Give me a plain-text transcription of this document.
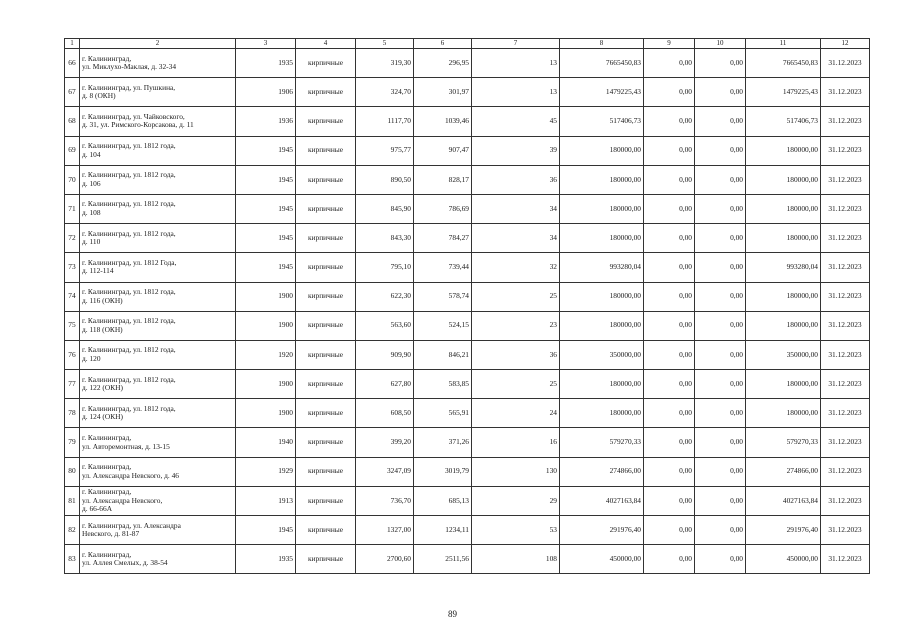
1	2	3	4	5	6	7	8	9	10	11	12
66	г. Калининград,
ул. Миклухо-Маклая, д. 32-34	1935	кирпичные	319,30	296,95	13	7665450,83	0,00	0,00	7665450,83	31.12.2023
67	г. Калининград, ул. Пушкина,
д. 8 (ОКН)	1906	кирпичные	324,70	301,97	13	1479225,43	0,00	0,00	1479225,43	31.12.2023
68	г. Калининград, ул. Чайковского,
д. 31, ул. Римского-Корсакова, д. 11	1936	кирпичные	1117,70	1039,46	45	517406,73	0,00	0,00	517406,73	31.12.2023
69	г. Калининград, ул. 1812 года,
д. 104	1945	кирпичные	975,77	907,47	39	180000,00	0,00	0,00	180000,00	31.12.2023
70	г. Калининград, ул. 1812 года,
д. 106	1945	кирпичные	890,50	828,17	36	180000,00	0,00	0,00	180000,00	31.12.2023
71	г. Калининград, ул. 1812 года,
д. 108	1945	кирпичные	845,90	786,69	34	180000,00	0,00	0,00	180000,00	31.12.2023
72	г. Калининград, ул. 1812 года,
д. 110	1945	кирпичные	843,30	784,27	34	180000,00	0,00	0,00	180000,00	31.12.2023
73	г. Калининград, ул. 1812 Года,
д. 112-114	1945	кирпичные	795,10	739,44	32	993280,04	0,00	0,00	993280,04	31.12.2023
74	г. Калининград, ул. 1812 года,
д. 116 (ОКН)	1900	кирпичные	622,30	578,74	25	180000,00	0,00	0,00	180000,00	31.12.2023
75	г. Калининград, ул. 1812 года,
д. 118 (ОКН)	1900	кирпичные	563,60	524,15	23	180000,00	0,00	0,00	180000,00	31.12.2023
76	г. Калининград, ул. 1812 года,
д. 120	1920	кирпичные	909,90	846,21	36	350000,00	0,00	0,00	350000,00	31.12.2023
77	г. Калининград, ул. 1812 года,
д. 122 (ОКН)	1900	кирпичные	627,80	583,85	25	180000,00	0,00	0,00	180000,00	31.12.2023
78	г. Калининград, ул. 1812 года,
д. 124 (ОКН)	1900	кирпичные	608,50	565,91	24	180000,00	0,00	0,00	180000,00	31.12.2023
79	г. Калининград,
ул. Авторемонтная, д. 13-15	1940	кирпичные	399,20	371,26	16	579270,33	0,00	0,00	579270,33	31.12.2023
80	г. Калининград,
ул. Александра Невского, д. 46	1929	кирпичные	3247,09	3019,79	130	274866,00	0,00	0,00	274866,00	31.12.2023
81	г. Калининград,
ул. Александра Невского,
д. 66-66А	1913	кирпичные	736,70	685,13	29	4027163,84	0,00	0,00	4027163,84	31.12.2023
82	г. Калининград, ул. Александра
Невского, д. 81-87	1945	кирпичные	1327,00	1234,11	53	291976,40	0,00	0,00	291976,40	31.12.2023
83	г. Калининград,
ул. Аллея Смелых, д. 38-54	1935	кирпичные	2700,60	2511,56	108	450000,00	0,00	0,00	450000,00	31.12.2023
89
